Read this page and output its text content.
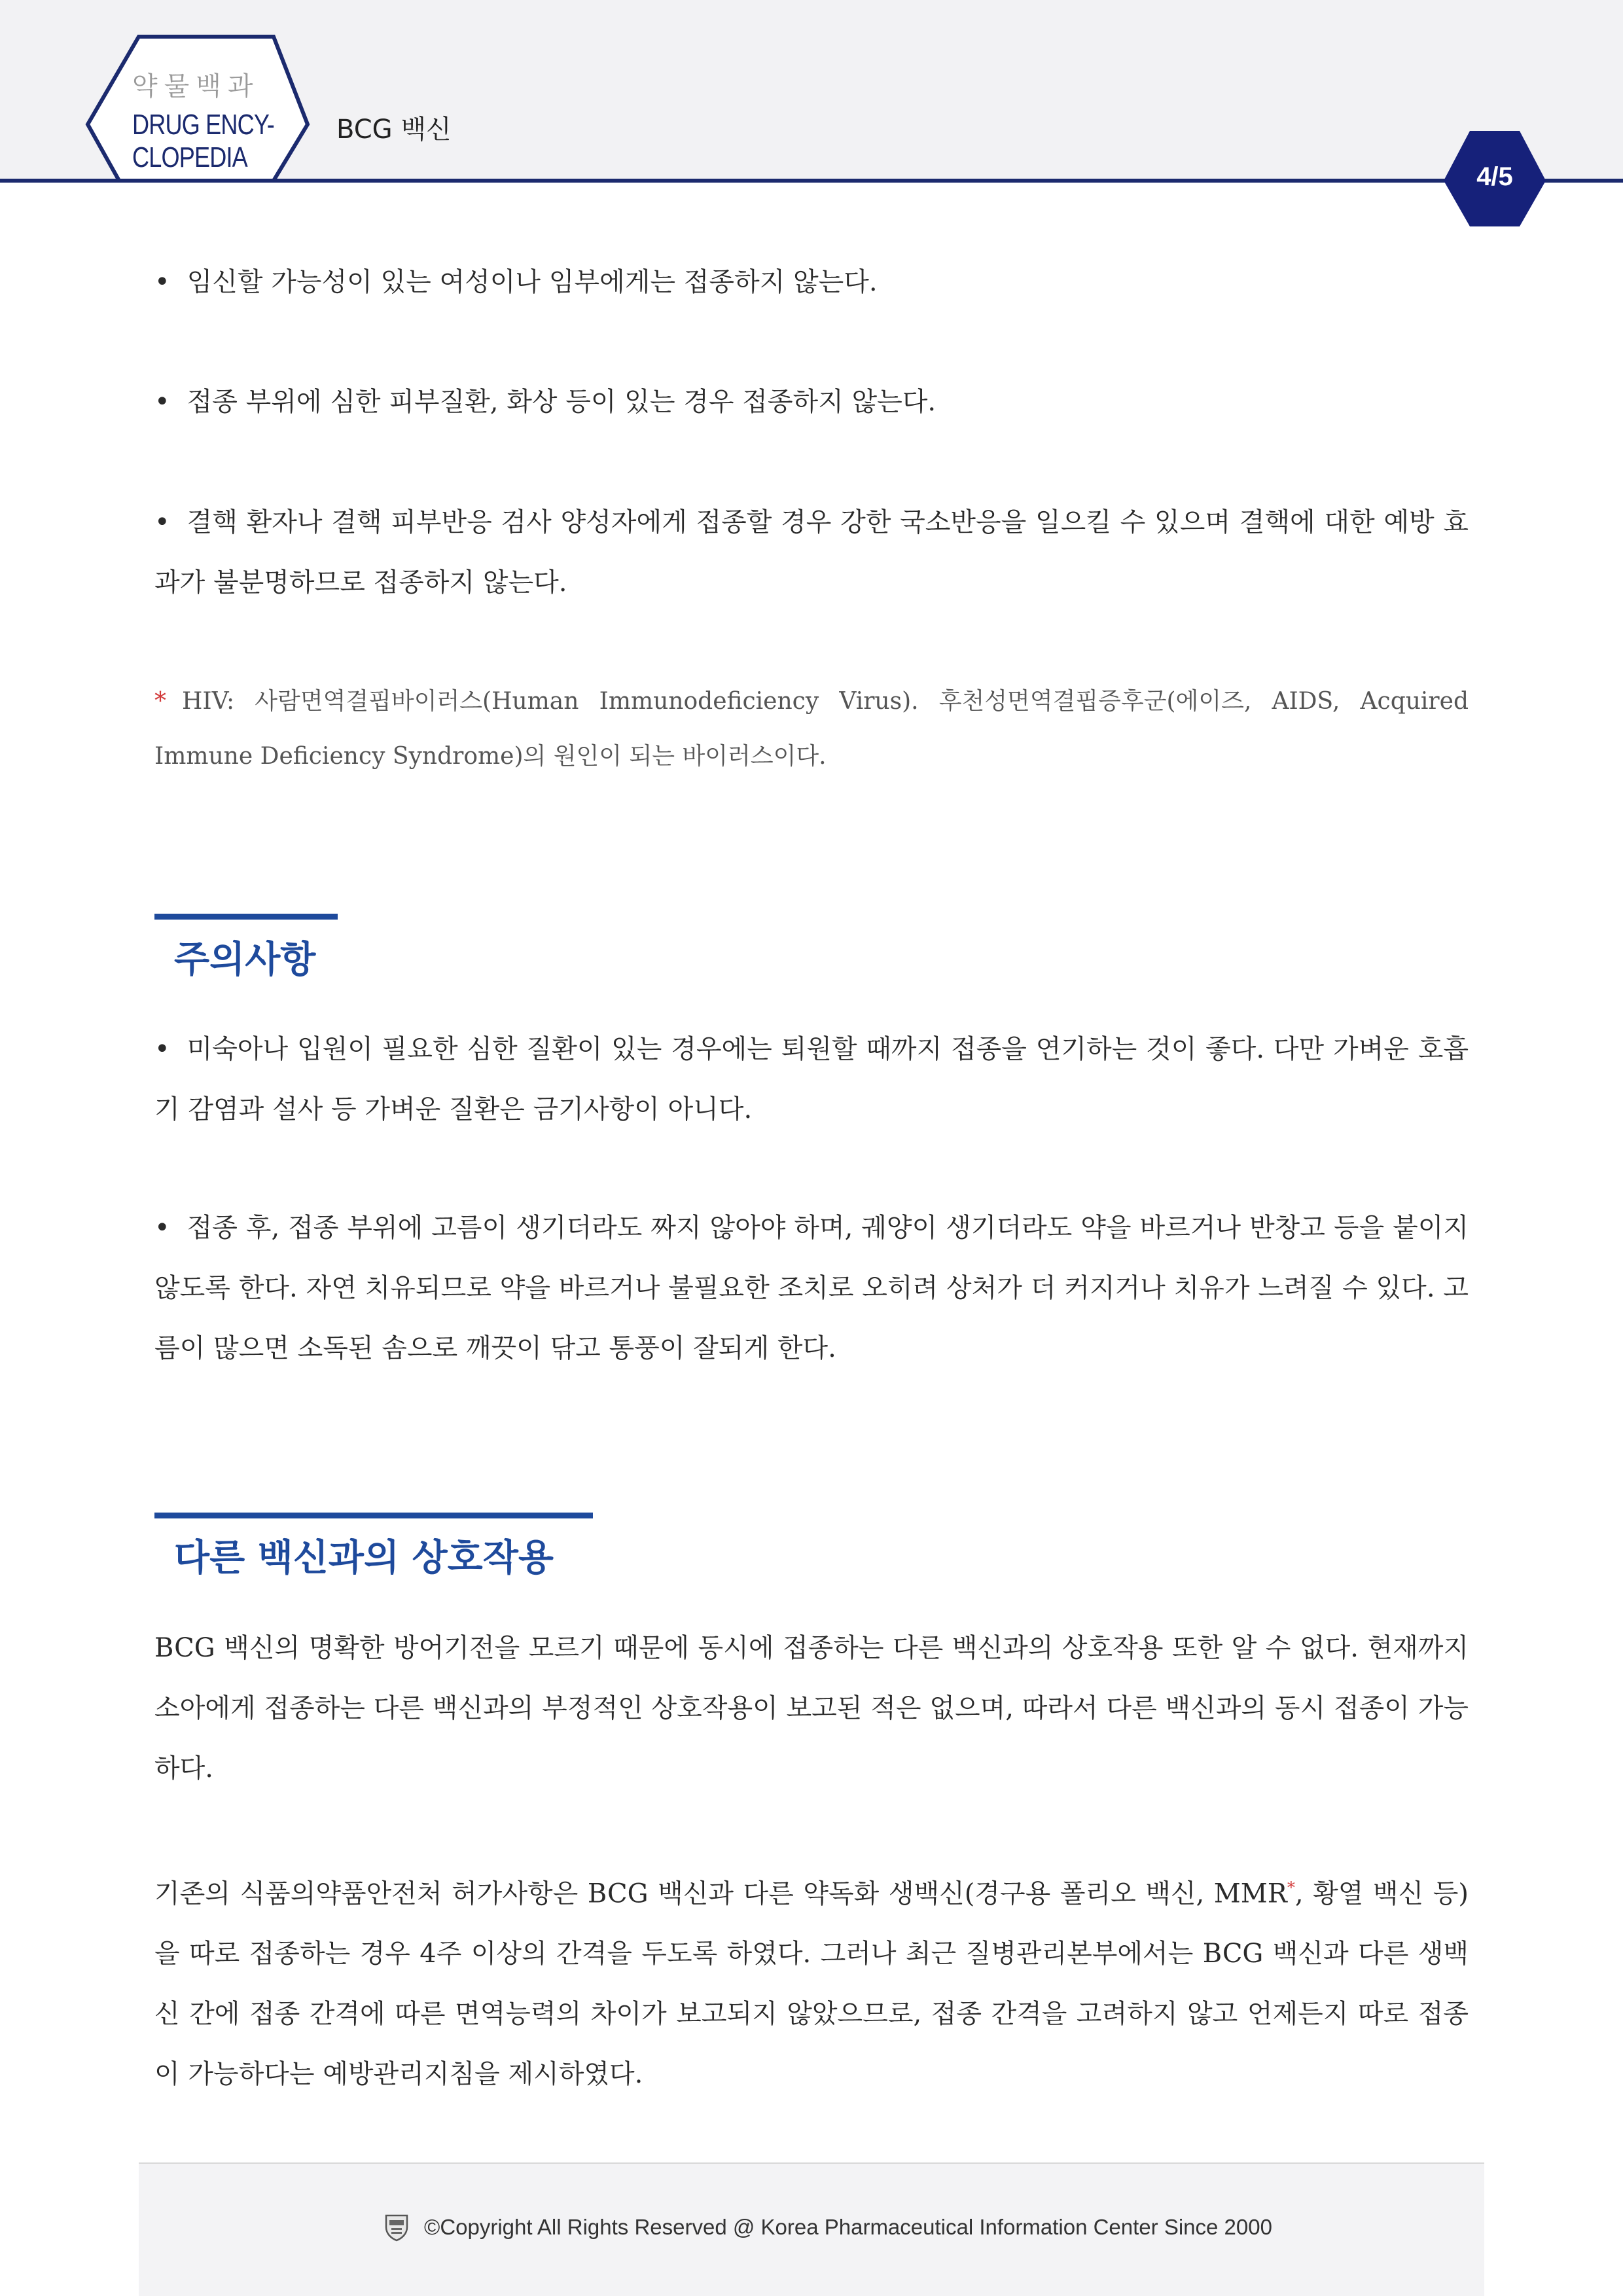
약물백과
DRUG ENCY-
CLOPEDIA
BCG 백신
4/5

• 임신할 가능성이 있는 여성이나 임부에게는 접종하지 않는다.

• 접종 부위에 심한 피부질환, 화상 등이 있는 경우 접종하지 않는다.

• 결핵 환자나 결핵 피부반응 검사 양성자에게 접종할 경우 강한 국소반응을 일으킬 수 있으며 결핵에 대한 예방 효과가 불분명하므로 접종하지 않는다.

* HIV: 사람면역결핍바이러스(Human Immunodeficiency Virus). 후천성면역결핍증후군(에이즈, AIDS, Acquired Immune Deficiency Syndrome)의 원인이 되는 바이러스이다.

주의사항

• 미숙아나 입원이 필요한 심한 질환이 있는 경우에는 퇴원할 때까지 접종을 연기하는 것이 좋다. 다만 가벼운 호흡기 감염과 설사 등 가벼운 질환은 금기사항이 아니다.

• 접종 후, 접종 부위에 고름이 생기더라도 짜지 않아야 하며, 궤양이 생기더라도 약을 바르거나 반창고 등을 붙이지 않도록 한다. 자연 치유되므로 약을 바르거나 불필요한 조치로 오히려 상처가 더 커지거나 치유가 느려질 수 있다. 고름이 많으면 소독된 솜으로 깨끗이 닦고 통풍이 잘되게 한다.

다른 백신과의 상호작용

BCG 백신의 명확한 방어기전을 모르기 때문에 동시에 접종하는 다른 백신과의 상호작용 또한 알 수 없다. 현재까지 소아에게 접종하는 다른 백신과의 부정적인 상호작용이 보고된 적은 없으며, 따라서 다른 백신과의 동시 접종이 가능하다.

기존의 식품의약품안전처 허가사항은 BCG 백신과 다른 약독화 생백신(경구용 폴리오 백신, MMR*, 황열 백신 등)을 따로 접종하는 경우 4주 이상의 간격을 두도록 하였다. 그러나 최근 질병관리본부에서는 BCG 백신과 다른 생백신 간에 접종 간격에 따른 면역능력의 차이가 보고되지 않았으므로, 접종 간격을 고려하지 않고 언제든지 따로 접종이 가능하다는 예방관리지침을 제시하였다.

©Copyright All Rights Reserved @ Korea Pharmaceutical Information Center Since 2000
